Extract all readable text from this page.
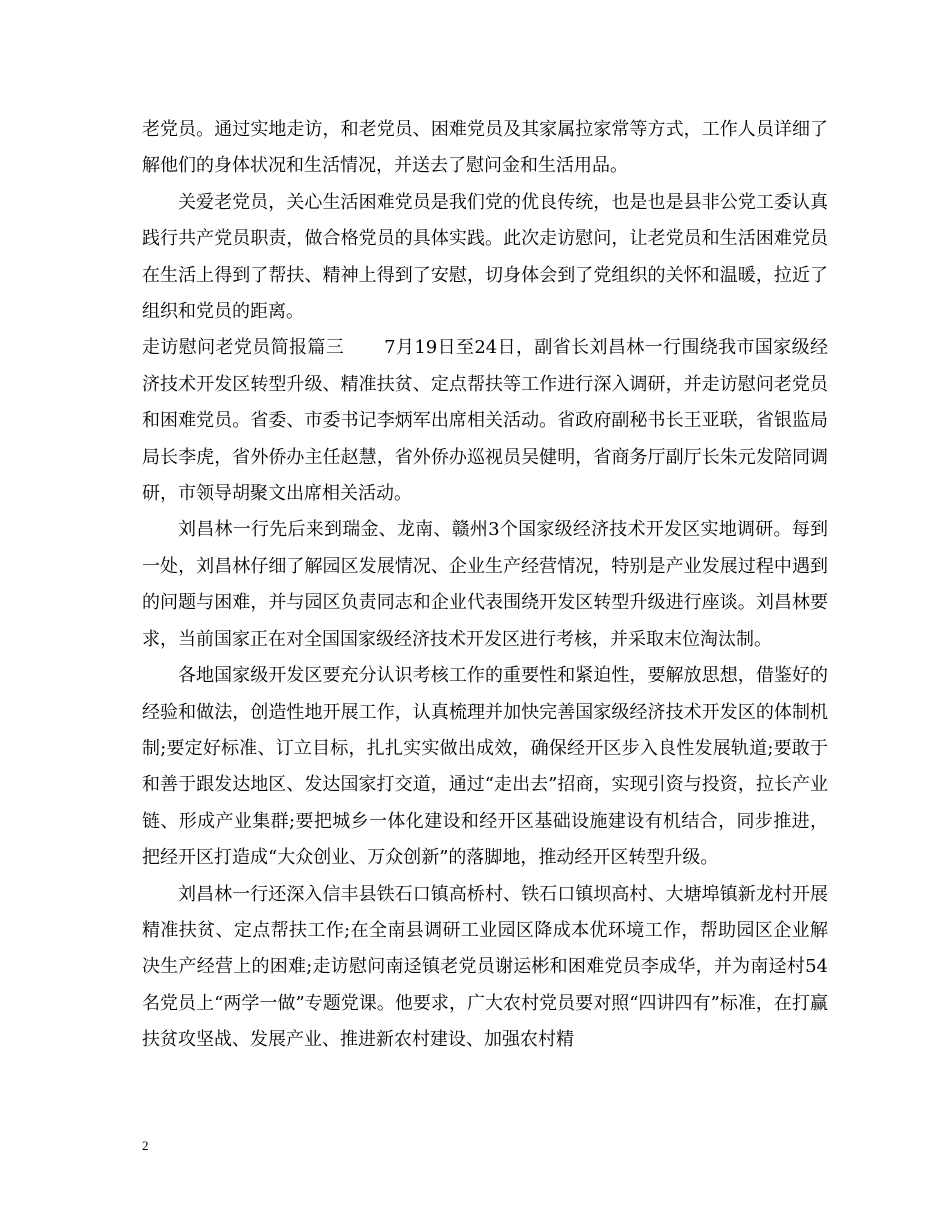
老党员。通过实地走访，和老党员、困难党员及其家属拉家常等方式，工作人员详细了解他们的身体状况和生活情况，并送去了慰问金和生活用品。

关爱老党员，关心生活困难党员是我们党的优良传统，也是也是县非公党工委认真践行共产党员职责，做合格党员的具体实践。此次走访慰问，让老党员和生活困难党员在生活上得到了帮扶、精神上得到了安慰，切身体会到了党组织的关怀和温暖，拉近了组织和党员的距离。

走访慰问老党员简报篇三 7月19日至24日，副省长刘昌林一行围绕我市国家级经济技术开发区转型升级、精准扶贫、定点帮扶等工作进行深入调研，并走访慰问老党员和困难党员。省委、市委书记李炳军出席相关活动。省政府副秘书长王亚联，省银监局局长李虎，省外侨办主任赵慧，省外侨办巡视员吴健明，省商务厅副厅长朱元发陪同调研，市领导胡聚文出席相关活动。

刘昌林一行先后来到瑞金、龙南、赣州3个国家级经济技术开发区实地调研。每到一处，刘昌林仔细了解园区发展情况、企业生产经营情况，特别是产业发展过程中遇到的问题与困难，并与园区负责同志和企业代表围绕开发区转型升级进行座谈。刘昌林要求，当前国家正在对全国国家级经济技术开发区进行考核，并采取末位淘汰制。

各地国家级开发区要充分认识考核工作的重要性和紧迫性，要解放思想，借鉴好的经验和做法，创造性地开展工作，认真梳理并加快完善国家级经济技术开发区的体制机制;要定好标准、订立目标，扎扎实实做出成效，确保经开区步入良性发展轨道;要敢于和善于跟发达地区、发达国家打交道，通过“走出去”招商，实现引资与投资，拉长产业链、形成产业集群;要把城乡一体化建设和经开区基础设施建设有机结合，同步推进，把经开区打造成“大众创业、万众创新”的落脚地，推动经开区转型升级。

刘昌林一行还深入信丰县铁石口镇高桥村、铁石口镇坝高村、大塘埠镇新龙村开展精准扶贫、定点帮扶工作;在全南县调研工业园区降成本优环境工作，帮助园区企业解决生产经营上的困难;走访慰问南迳镇老党员谢运彬和困难党员李成华，并为南迳村54名党员上“两学一做”专题党课。他要求，广大农村党员要对照“四讲四有”标准，在打赢扶贫攻坚战、发展产业、推进新农村建设、加强农村精

2
